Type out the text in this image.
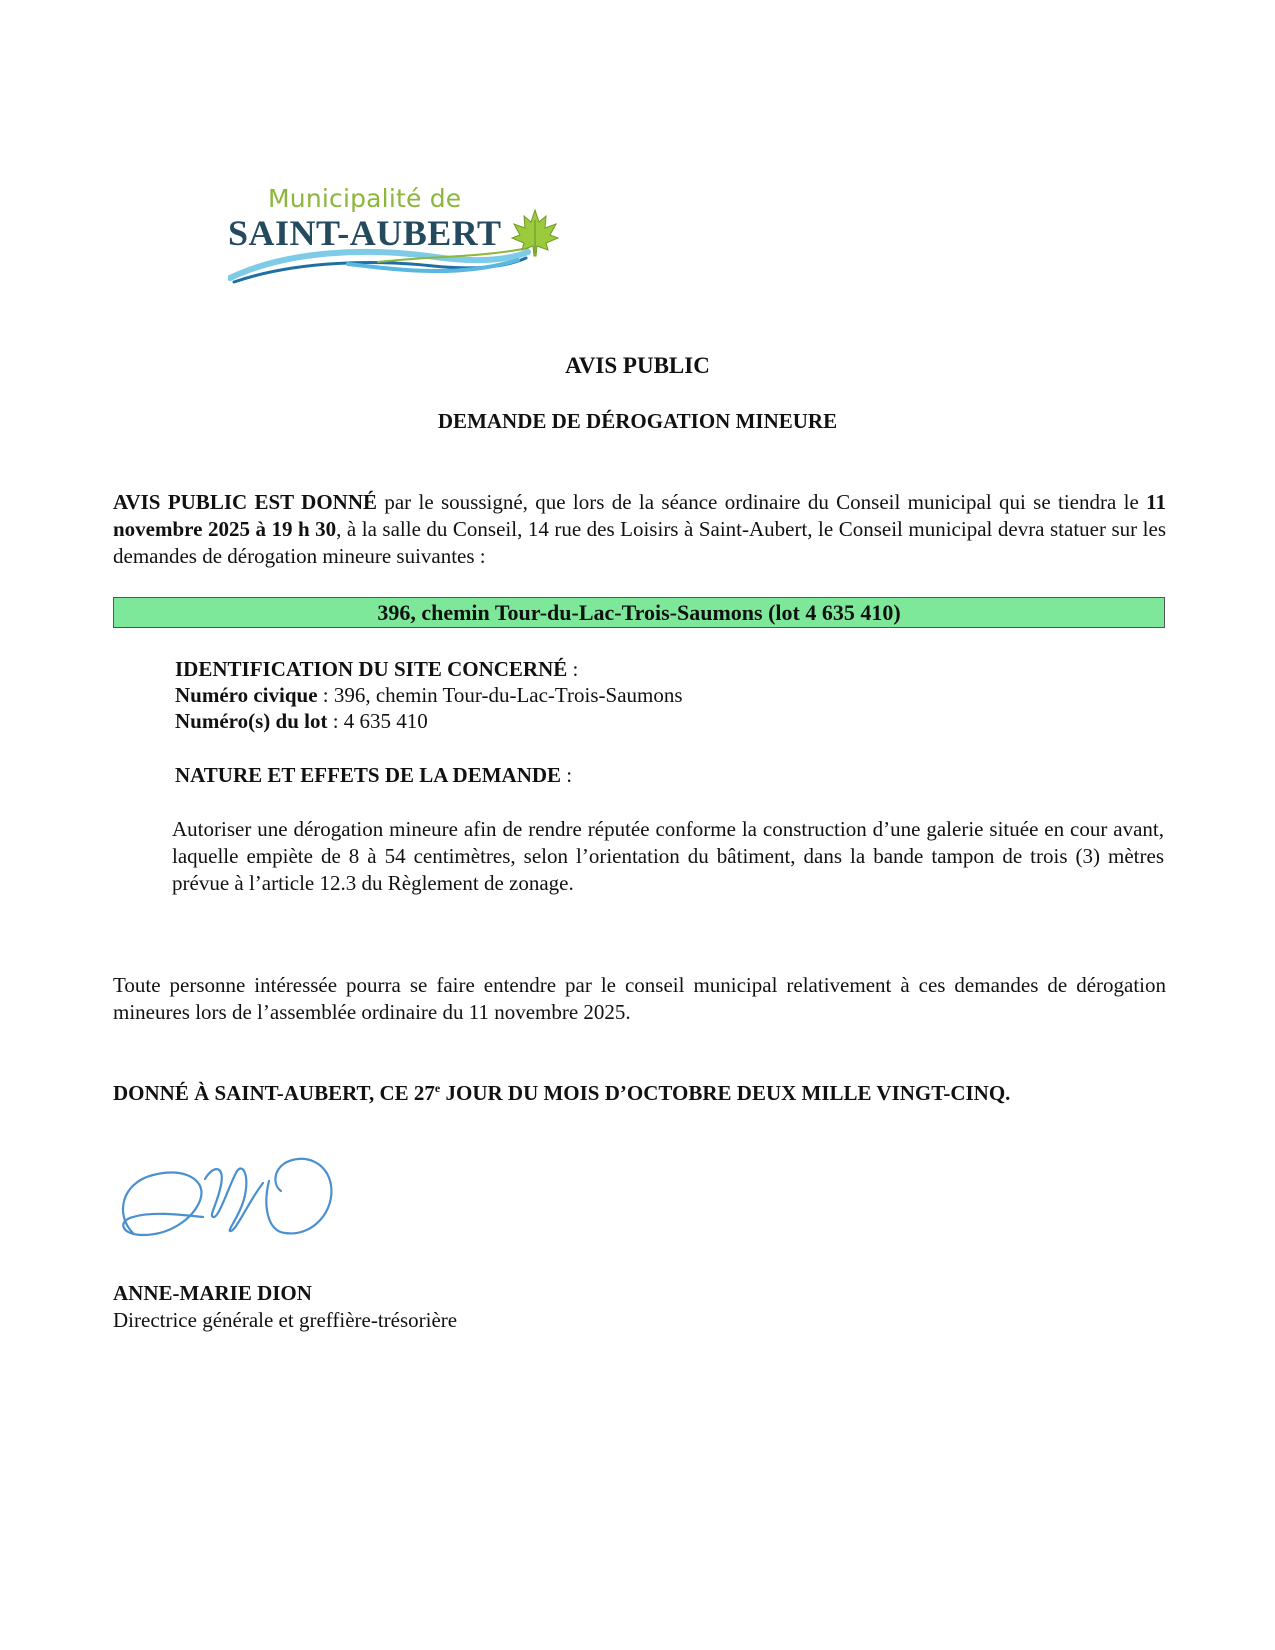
Municipalité de
SAINT-AUBERT
AVIS PUBLIC
DEMANDE DE DÉROGATION MINEURE
AVIS PUBLIC EST DONNÉ par le soussigné, que lors de la séance ordinaire du Conseil municipal qui se tiendra le 11 novembre 2025 à 19 h 30, à la salle du Conseil, 14 rue des Loisirs à Saint-Aubert, le Conseil municipal devra statuer sur les demandes de dérogation mineure suivantes :
396, chemin Tour-du-Lac-Trois-Saumons (lot 4 635 410)
IDENTIFICATION DU SITE CONCERNÉ :
Numéro civique : 396, chemin Tour-du-Lac-Trois-Saumons
Numéro(s) du lot : 4 635 410
NATURE ET EFFETS DE LA DEMANDE :
Autoriser une dérogation mineure afin de rendre réputée conforme la construction d’une galerie située en cour avant, laquelle empiète de 8 à 54 centimètres, selon l’orientation du bâtiment, dans la bande tampon de trois (3) mètres prévue à l’article 12.3 du Règlement de zonage.
Toute personne intéressée pourra se faire entendre par le conseil municipal relativement à ces demandes de dérogation mineures lors de l’assemblée ordinaire du 11 novembre 2025.
DONNÉ À SAINT-AUBERT, CE 27e JOUR DU MOIS D’OCTOBRE DEUX MILLE VINGT-CINQ.
ANNE-MARIE DION
Directrice générale et greffière-trésorière
